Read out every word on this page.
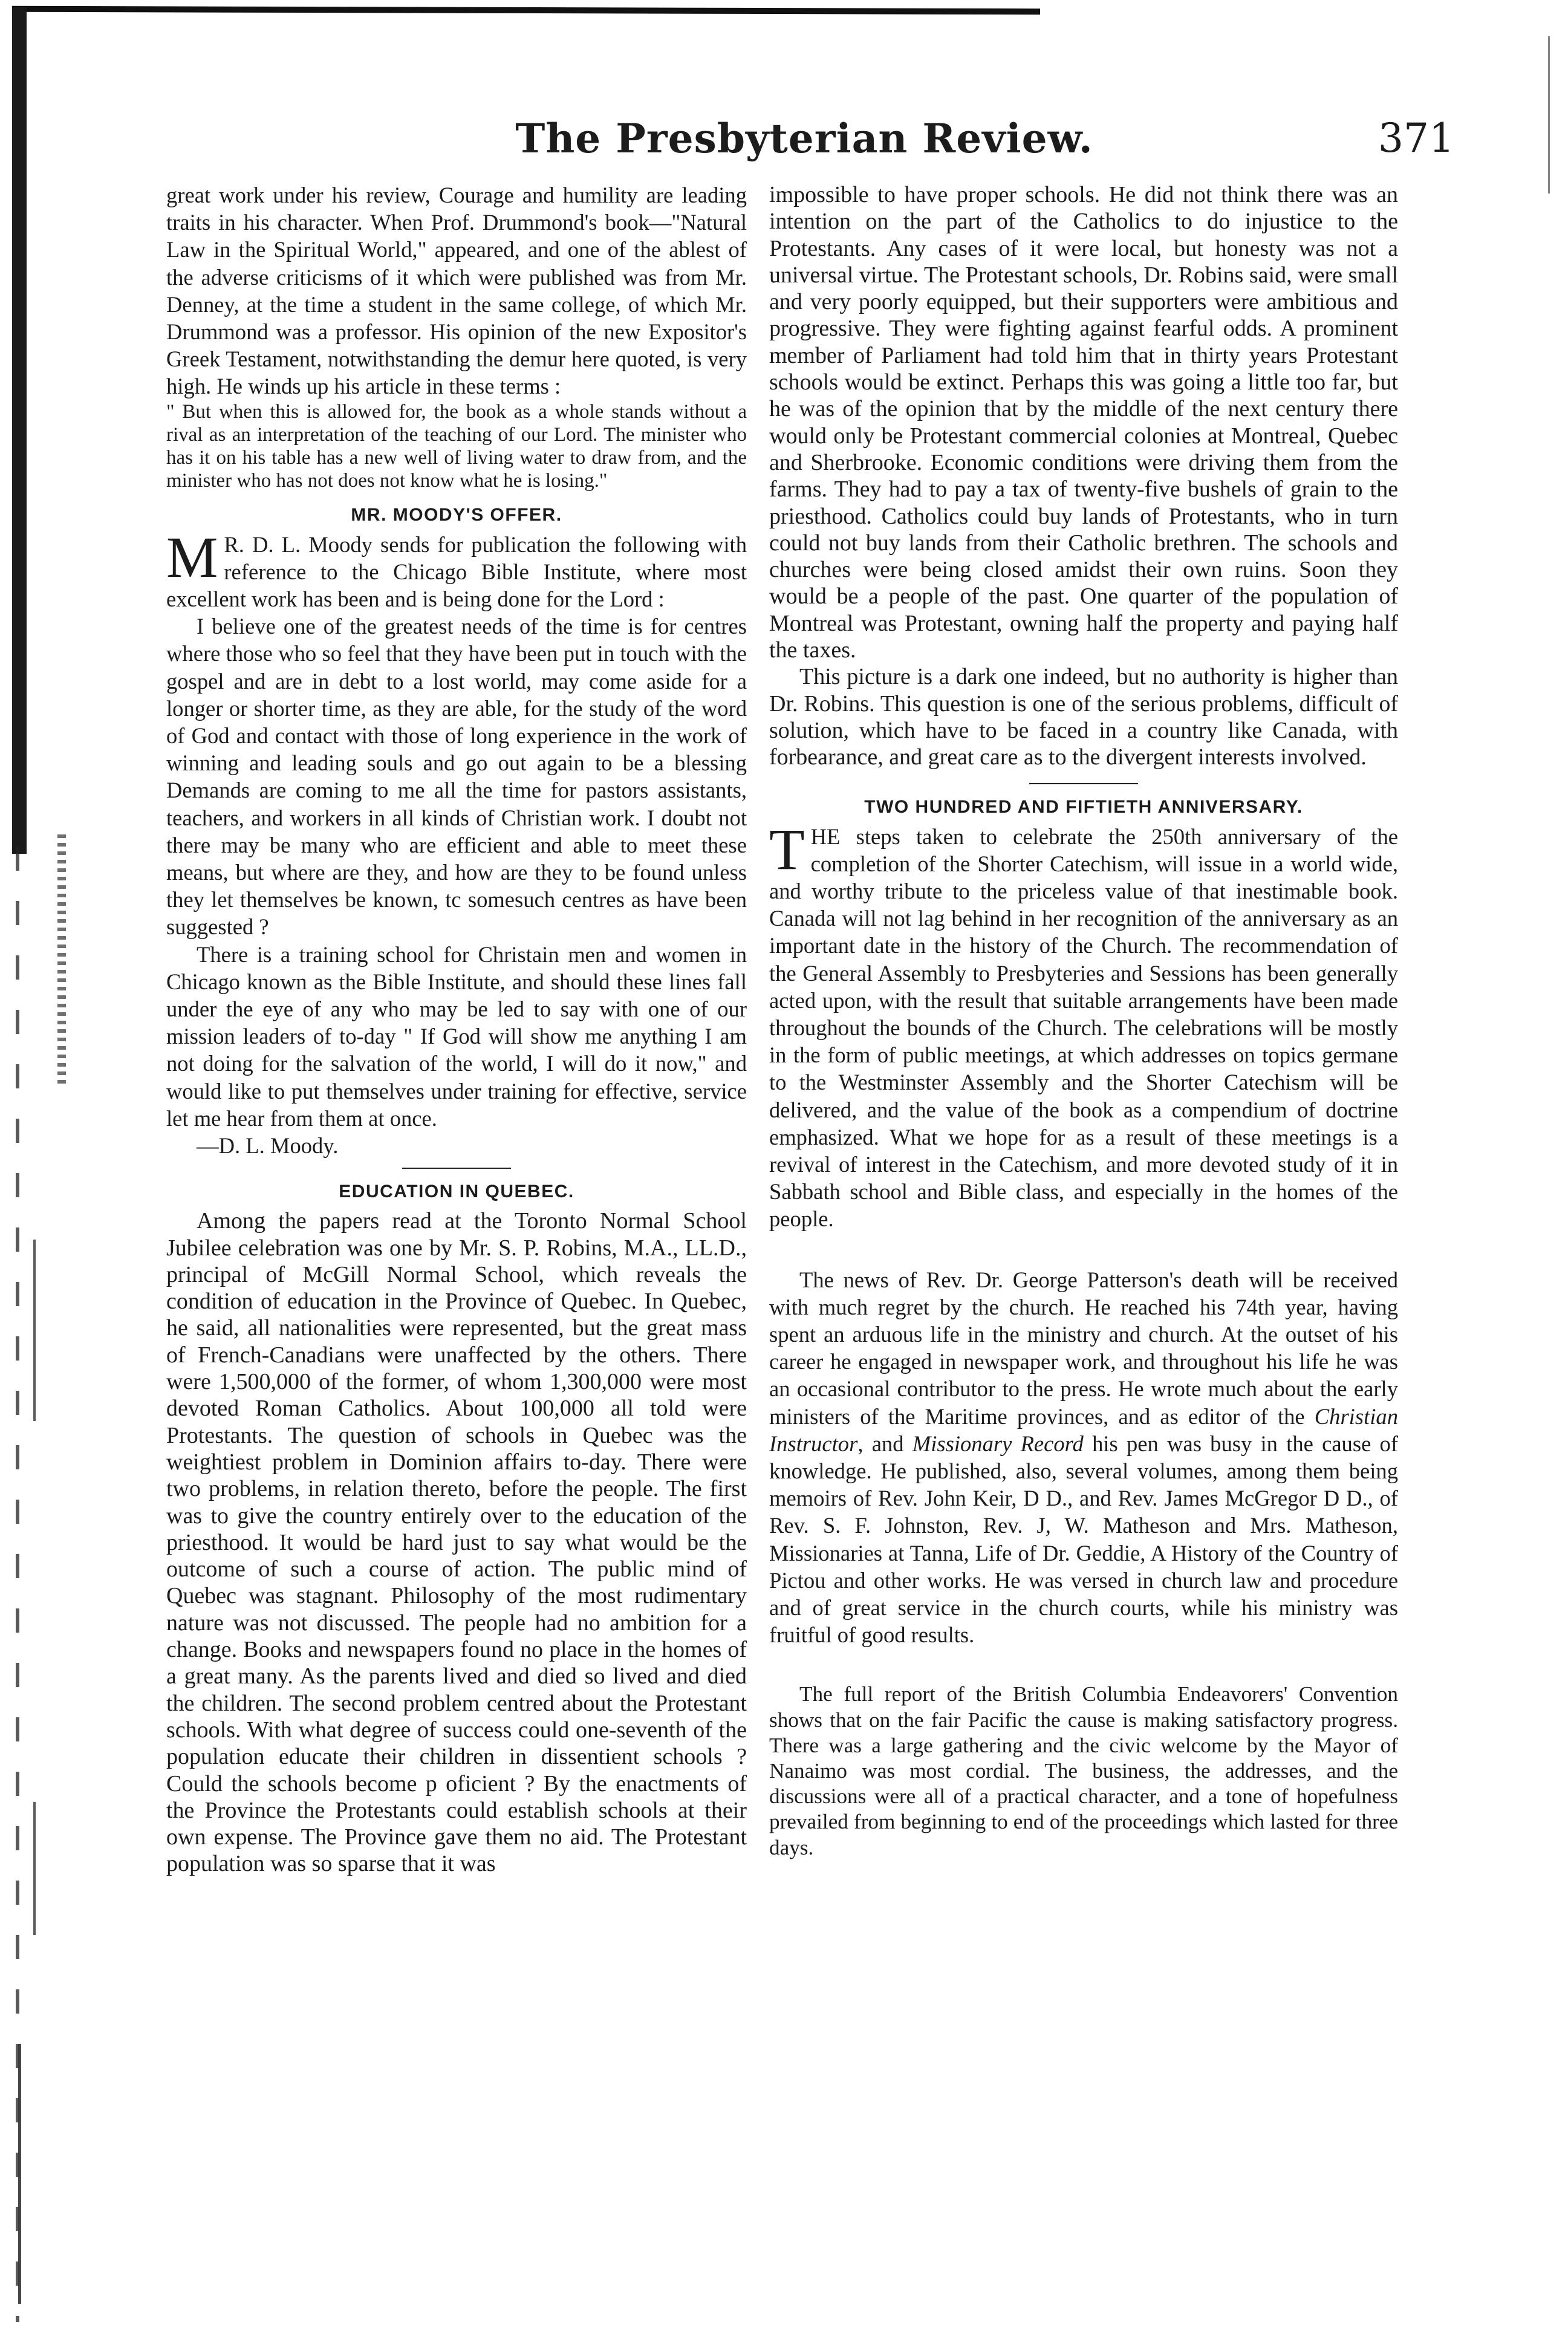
The Presbyterian Review.	371

great work under his review, Courage and humility are leading traits in his character. When Prof. Drummond's book—"Natural Law in the Spiritual World," appeared, and one of the ablest of the adverse criticisms of it which were published was from Mr. Denney, at the time a student in the same college, of which Mr. Drummond was a professor. His opinion of the new Expositor's Greek Testament, notwithstanding the demur here quoted, is very high. He winds up his article in these terms :

" But when this is allowed for, the book as a whole stands without a rival as an interpretation of the teaching of our Lord. The minister who has it on his table has a new well of living water to draw from, and the minister who has not does not know what he is losing."

MR. MOODY'S OFFER.

M R. D. L. Moody sends for publication the following with reference to the Chicago Bible Institute, where most excellent work has been and is being done for the Lord :

I believe one of the greatest needs of the time is for centres where those who so feel that they have been put in touch with the gospel and are in debt to a lost world, may come aside for a longer or shorter time, as they are able, for the study of the word of God and contact with those of long experience in the work of winning and leading souls and go out again to be a blessing Demands are coming to me all the time for pastors assistants, teachers, and workers in all kinds of Christian work. I doubt not there may be many who are efficient and able to meet these means, but where are they, and how are they to be found unless they let themselves be known, tc somesuch centres as have been suggested ?

There is a training school for Christain men and women in Chicago known as the Bible Institute, and should these lines fall under the eye of any who may be led to say with one of our mission leaders of to-day " If God will show me anything I am not doing for the salvation of the world, I will do it now," and would like to put themselves under training for effective, service let me hear from them at once.

—D. L. Moody.

EDUCATION IN QUEBEC.

Among the papers read at the Toronto Normal School Jubilee celebration was one by Mr. S. P. Robins, M.A., LL.D., principal of McGill Normal School, which reveals the condition of education in the Province of Quebec. In Quebec, he said, all nationalities were represented, but the great mass of French-Canadians were unaffected by the others. There were 1,500,000 of the former, of whom 1,300,000 were most devoted Roman Catholics. About 100,000 all told were Protestants. The question of schools in Quebec was the weightiest problem in Dominion affairs to-day. There were two problems, in relation thereto, before the people. The first was to give the country entirely over to the education of the priesthood. It would be hard just to say what would be the outcome of such a course of action. The public mind of Quebec was stagnant. Philosophy of the most rudimentary nature was not discussed. The people had no ambition for a change. Books and newspapers found no place in the homes of a great many. As the parents lived and died so lived and died the children. The second problem centred about the Protestant schools. With what degree of success could one-seventh of the population educate their children in dissentient schools ? Could the schools become p oficient ? By the enactments of the Province the Protestants could establish schools at their own expense. The Province gave them no aid. The Protestant population was so sparse that it was

impossible to have proper schools. He did not think there was an intention on the part of the Catholics to do injustice to the Protestants. Any cases of it were local, but honesty was not a universal virtue. The Protestant schools, Dr. Robins said, were small and very poorly equipped, but their supporters were ambitious and progressive. They were fighting against fearful odds. A prominent member of Parliament had told him that in thirty years Protestant schools would be extinct. Perhaps this was going a little too far, but he was of the opinion that by the middle of the next century there would only be Protestant commercial colonies at Montreal, Quebec and Sherbrooke. Economic conditions were driving them from the farms. They had to pay a tax of twenty-five bushels of grain to the priesthood. Catholics could buy lands of Protestants, who in turn could not buy lands from their Catholic brethren. The schools and churches were being closed amidst their own ruins. Soon they would be a people of the past. One quarter of the population of Montreal was Protestant, owning half the property and paying half the taxes.

This picture is a dark one indeed, but no authority is higher than Dr. Robins. This question is one of the serious problems, difficult of solution, which have to be faced in a country like Canada, with forbearance, and great care as to the divergent interests involved.

TWO HUNDRED AND FIFTIETH ANNIVERSARY.

THE steps taken to celebrate the 250th anniversary of the completion of the Shorter Catechism, will issue in a world wide, and worthy tribute to the priceless value of that inestimable book. Canada will not lag behind in her recognition of the anniversary as an important date in the history of the Church. The recommendation of the General Assembly to Presbyteries and Sessions has been generally acted upon, with the result that suitable arrangements have been made throughout the bounds of the Church. The celebrations will be mostly in the form of public meetings, at which addresses on topics germane to the Westminster Assembly and the Shorter Catechism will be delivered, and the value of the book as a compendium of doctrine emphasized. What we hope for as a result of these meetings is a revival of interest in the Catechism, and more devoted study of it in Sabbath school and Bible class, and especially in the homes of the people.

The news of Rev. Dr. George Patterson's death will be received with much regret by the church. He reached his 74th year, having spent an arduous life in the ministry and church. At the outset of his career he engaged in newspaper work, and throughout his life he was an occasional contributor to the press. He wrote much about the early ministers of the Maritime provinces, and as editor of the Christian Instructor, and Missionary Record his pen was busy in the cause of knowledge. He published, also, several volumes, among them being memoirs of Rev. John Keir, D D., and Rev. James McGregor D D., of Rev. S. F. Johnston, Rev. J, W. Matheson and Mrs. Matheson, Missionaries at Tanna, Life of Dr. Geddie, A History of the Country of Pictou and other works. He was versed in church law and procedure and of great service in the church courts, while his ministry was fruitful of good results.

The full report of the British Columbia Endeavorers' Convention shows that on the fair Pacific the cause is making satisfactory progress. There was a large gathering and the civic welcome by the Mayor of Nanaimo was most cordial. The business, the addresses, and the discussions were all of a practical character, and a tone of hopefulness prevailed from beginning to end of the proceedings which lasted for three days.
